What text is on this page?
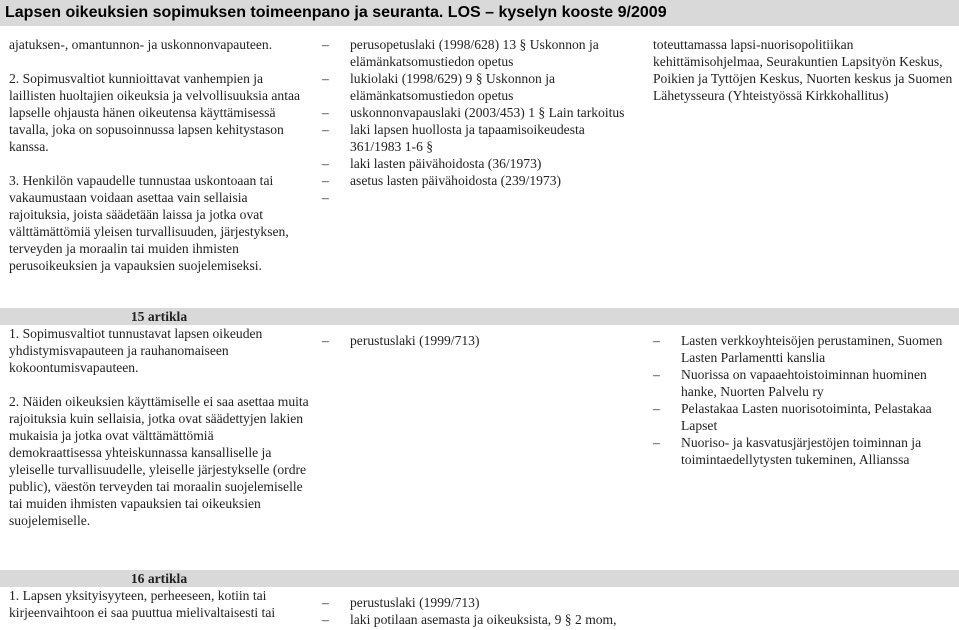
Lapsen oikeuksien sopimuksen toimeenpano ja seuranta. LOS – kyselyn kooste 9/2009

ajatuksen-, omantunnon- ja uskonnonvapauteen.

2. Sopimusvaltiot kunnioittavat vanhempien ja laillisten huoltajien oikeuksia ja velvollisuuksia antaa lapselle ohjausta hänen oikeutensa käyttämisessä tavalla, joka on sopusoinnussa lapsen kehitystason kanssa.

3. Henkilön vapaudelle tunnustaa uskontoaan tai vakaumustaan voidaan asettaa vain sellaisia rajoituksia, joista säädetään laissa ja jotka ovat välttämättömiä yleisen turvallisuuden, järjestyksen, terveyden ja moraalin tai muiden ihmisten perusoikeuksien ja vapauksien suojelemiseksi.

– perusopetuslaki (1998/628) 13 § Uskonnon ja elämänkatsomustiedon opetus
– lukiolaki (1998/629) 9 § Uskonnon ja elämänkatsomustiedon opetus
– uskonnonvapauslaki (2003/453) 1 § Lain tarkoitus
– laki lapsen huollosta ja tapaamisoikeudesta 361/1983 1-6 §
– laki lasten päivähoidosta (36/1973)
– asetus lasten päivähoidosta (239/1973)

toteuttamassa lapsi-nuorisopolitiikan kehittämisohjelmaa, Seurakuntien Lapsityön Keskus, Poikien ja Tyttöjen Keskus, Nuorten keskus ja Suomen Lähetysseura (Yhteistyössä Kirkkohallitus)

15 artikla

1. Sopimusvaltiot tunnustavat lapsen oikeuden yhdistymisvapauteen ja rauhanomaiseen kokoontumisvapauteen.

2. Näiden oikeuksien käyttämiselle ei saa asettaa muita rajoituksia kuin sellaisia, jotka ovat säädettyjen lakien mukaisia ja jotka ovat välttämättömiä demokraattisessa yhteiskunnassa kansalliselle ja yleiselle turvallisuudelle, yleiselle järjestykselle (ordre public), väestön terveyden tai moraalin suojelemiselle tai muiden ihmisten vapauksien tai oikeuksien suojelemiselle.

– perustuslaki (1999/713)
–	Lasten verkkoyhteisöjen perustaminen, Suomen Lasten Parlamentti kanslia
– Nuorissa on vapaaehtoistoiminnan huominen hanke, Nuorten Palvelu ry
– Pelastakaa Lasten nuorisotoiminta, Pelastakaa Lapset
– Nuoriso- ja kasvatusjärjestöjen toiminnan ja toimintaedellytysten tukeminen, Allianssa

16 artikla

1. Lapsen yksityisyyteen, perheeseen, kotiin tai kirjeenvaihtoon ei saa puuttua mielivaltaisesti tai

– perustuslaki (1999/713)
– laki potilaan asemasta ja oikeuksista, 9 § 2 mom,
